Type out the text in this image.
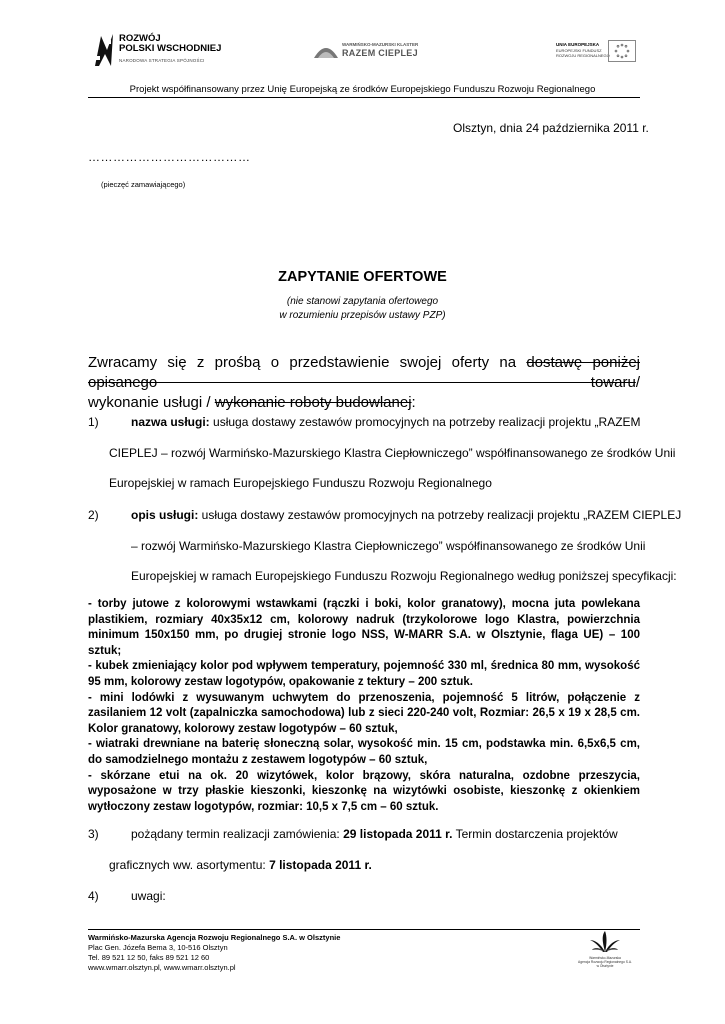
ROZWÓJ
POLSKI WSCHODNIEJ
NARODOWA STRATEGIA SPÓJNOŚCI
WARMIŃSKO-MAZURSKI KLASTER
RAZEM CIEPLEJ
UNIA EUROPEJSKA
EUROPEJSKI FUNDUSZ
ROZWOJU REGIONALNEGO
Projekt współfinansowany przez Unię Europejską ze środków Europejskiego Funduszu Rozwoju Regionalnego
Olsztyn, dnia 24 października 2011 r.
…………………………………
(pieczęć zamawiającego)
ZAPYTANIE OFERTOWE
(nie stanowi zapytania ofertowego
w rozumieniu przepisów ustawy PZP)
Zwracamy się z prośbą o przedstawienie swojej oferty na dostawę poniżej opisanego towaru/
wykonanie usługi / wykonanie roboty budowlanej:
1)	nazwa usługi: usługa dostawy zestawów promocyjnych na potrzeby realizacji projektu „RAZEM
CIEPLEJ – rozwój Warmińsko-Mazurskiego Klastra Ciepłowniczego” współfinansowanego ze środków Unii
Europejskiej w ramach Europejskiego Funduszu Rozwoju Regionalnego
2)	opis usługi: usługa dostawy zestawów promocyjnych na potrzeby realizacji projektu „RAZEM CIEPLEJ
– rozwój Warmińsko-Mazurskiego Klastra Ciepłowniczego” współfinansowanego ze środków Unii
Europejskiej w ramach Europejskiego Funduszu Rozwoju Regionalnego według poniższej specyfikacji:
- torby jutowe z kolorowymi wstawkami (rączki i boki, kolor granatowy), mocna juta powlekana plastikiem, rozmiary 40x35x12 cm, kolorowy nadruk (trzykolorowe logo Klastra, powierzchnia minimum 150x150 mm, po drugiej stronie logo NSS, W-MARR S.A. w Olsztynie, flaga UE) – 100 sztuk;
- kubek zmieniający kolor pod wpływem temperatury, pojemność 330 ml, średnica 80 mm, wysokość 95 mm, kolorowy zestaw logotypów, opakowanie z tektury – 200 sztuk.
- mini lodówki z wysuwanym uchwytem do przenoszenia, pojemność 5 litrów, połączenie z zasilaniem 12 volt (zapalniczka samochodowa) lub z sieci 220-240 volt, Rozmiar: 26,5 x 19 x 28,5 cm. Kolor granatowy, kolorowy zestaw logotypów – 60 sztuk,
- wiatraki drewniane na baterię słoneczną solar, wysokość min. 15 cm, podstawka min. 6,5x6,5 cm, do samodzielnego montażu z zestawem logotypów – 60 sztuk,
- skórzane etui na ok. 20 wizytówek, kolor brązowy, skóra naturalna, ozdobne przeszycia, wyposażone w trzy płaskie kieszonki, kieszonkę na wizytówki osobiste, kieszonkę z okienkiem wytłoczony zestaw logotypów, rozmiar: 10,5 x 7,5 cm – 60 sztuk.
3)	pożądany termin realizacji zamówienia: 29 listopada 2011 r. Termin dostarczenia projektów
graficznych ww. asortymentu: 7 listopada 2011 r.
4)	uwagi:
Warmińsko-Mazurska Agencja Rozwoju Regionalnego S.A. w Olsztynie
Plac Gen. Józefa Bema 3, 10-516 Olsztyn
Tel. 89 521 12 50, faks 89 521 12 60
www.wmarr.olsztyn.pl, www.wmarr.olsztyn.pl
Warmińsko-Mazurska
Agencja Rozwoju Regionalnego S.A.
w Olsztynie
